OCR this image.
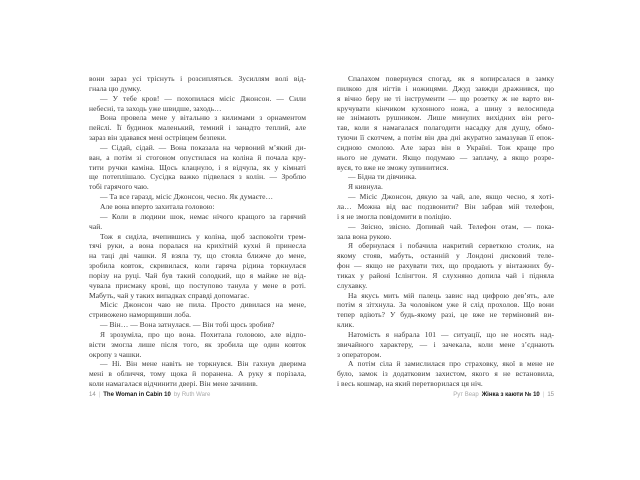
вони зараз усі тріснуть і розсипляться. Зусиллям волі від-
гнала цю думку.
— У тебе кров! — похопилася місіс Джонсон. — Сили
небесні, та заходь уже швидше, заходь…
Вона провела мене у вітальню з килимами з орнаментом
пейслі. Її будинок маленький, темний і занадто теплий, але
зараз він здавався мені острівцем безпеки.
— Сідай, сідай. — Вона показала на червоний м’який ди-
ван, а потім зі стогоном опустилася на коліна й почала кру-
тити ручки каміна. Щось клацнуло, і я відчула, як у кімнаті
ще потеплішало. Сусідка важко підвелася з колін. — Зроблю
тобі гарячого чаю.
— Та все гаразд, місіс Джонсон, чесно. Як думаєте…
Але вона вперто захитала головою:
— Коли в людини шок, немає нічого кращого за гарячий
чай.
Тож я сиділа, вчепившись у коліна, щоб заспокоїти трем-
тячі руки, а вона поралася на крихітній кухні й принесла
на таці дві чашки. Я взяла ту, що стояла ближче до мене,
зробила ковток, скривилася, коли гаряча рідина торкнулася
порізу на руці. Чай був такий солодкий, що я майже не від-
чувала присмаку крові, що поступово танула у мене в роті.
Мабуть, чай у таких випадках справді допомагає.
Місіс Джонсон чаю не пила. Просто дивилася на мене,
стривожено наморщивши лоба.
— Він… — Вона затнулася. — Він тобі щось зробив?
Я зрозуміла, про що вона. Похитала головою, але відпо-
вісти змогла лише після того, як зробила ще один ковток
окропу з чашки.
— Ні. Він мене навіть не торкнувся. Він гахнув дверима
мені в обличчя, тому щока й поранена. А руку я порізала,
коли намагалася відчинити двері. Він мене зачинив.
Спалахом повернувся спогад, як я копирсалася в замку
пилкою для нігтів і ножицями. Джуд завжди дражнився, що
я вічно беру не ті інструменти — що розетку ж не варто ви-
кручувати кінчиком кухонного ножа, а шину з велосипеда
не знімають рушником. Лише минулих вихідних він рего-
тав, коли я намагалася полагодити насадку для душу, обмо-
туючи її скотчем, а потім він два дні акуратно замазував її епок-
сидною смолою. Але зараз він в Україні. Тож краще про
нього не думати. Якщо подумаю — заплачу, а якщо розре-
вуся, то вже не зможу зупинитися.
— Бідна ти дівчинка.
Я кивнула.
— Місіс Джонсон, дякую за чай, але, якщо чесно, я хоті-
ла… Можна від вас подзвонити? Він забрав мій телефон,
і я не змогла повідомити в поліцію.
— Звісно, звісно. Допивай чай. Телефон отам, — пока-
зала вона рукою.
Я обернулася і побачила накритий серветкою столик, на
якому стояв, мабуть, останній у Лондоні дисковий теле-
фон — якщо не рахувати тих, що продають у вінтажних бу-
тиках у районі Іслінгтон. Я слухняно допила чай і підняла
слухавку.
На якусь мить мій палець завис над цифрою дев’ять, але
потім я зітхнула. За чоловіком уже й слід прохолов. Що вони
тепер вдіють? У будь-якому разі, це вже не терміновий ви-
клик.
Натомість я набрала 101 — ситуації, що не носять над-
звичайного характеру, — і зачекала, коли мене з’єднають
з оператором.
А потім сіла й замислилася про страховку, якої в мене не
було, замок із додатковим захистом, якого я не встановила,
і весь кошмар, на який перетворилася ця ніч.
14 | The Woman in Cabin 10 by Ruth Ware	Рут Веар Жінка з каюти № 10 | 15
